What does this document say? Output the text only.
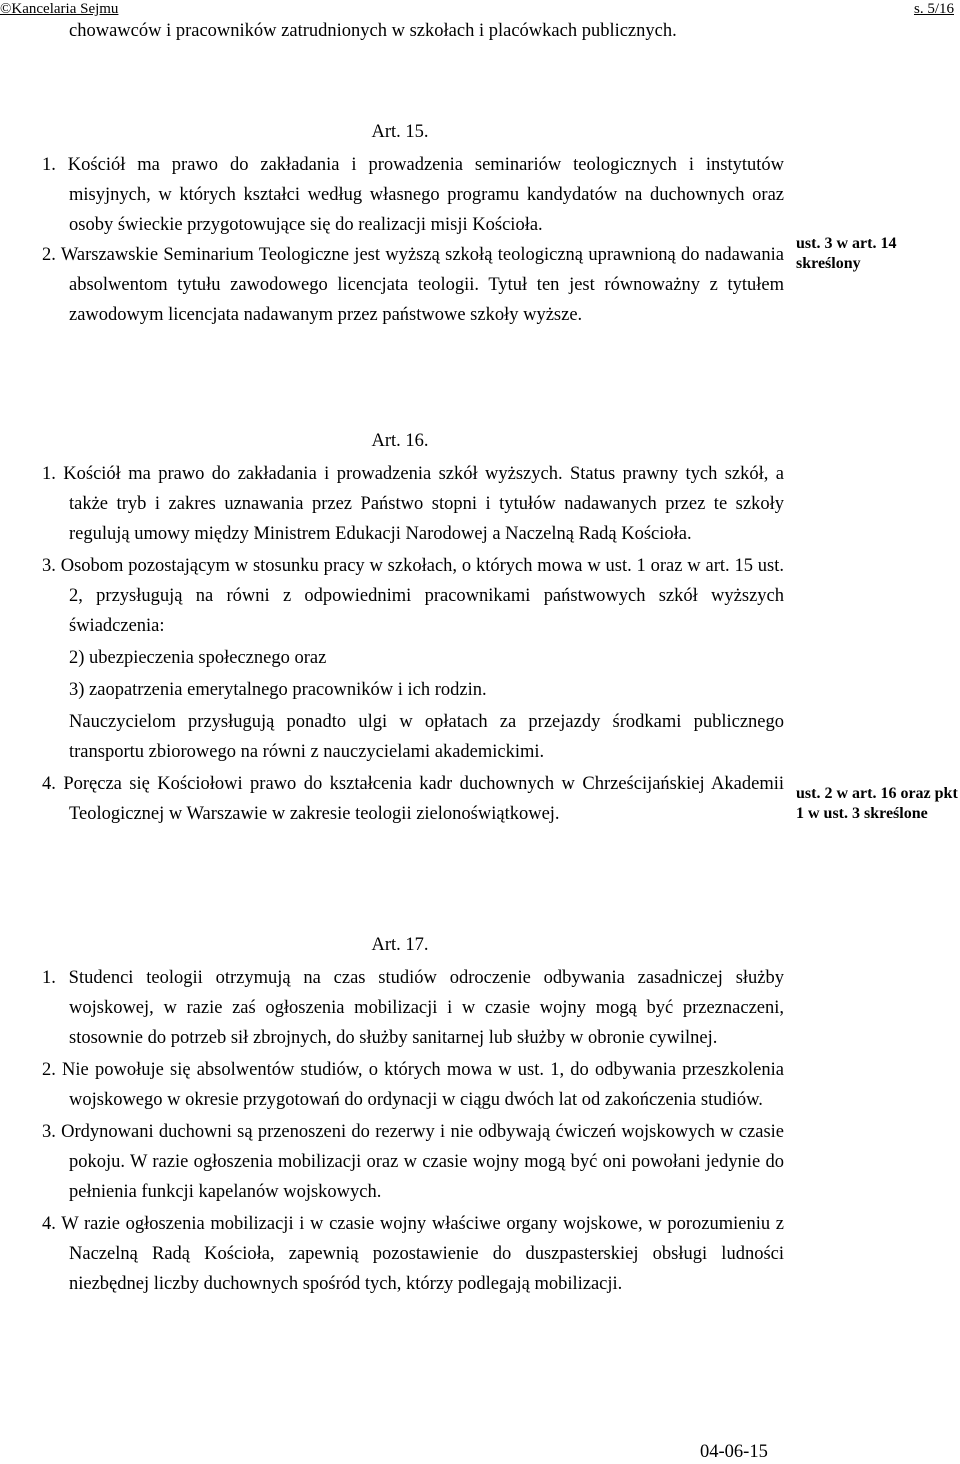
©Kancelaria Sejmu	s. 5/16

chowawców i pracowników zatrudnionych w szkołach i placówkach publicznych.

Art. 15.

1. Kościół ma prawo do zakładania i prowadzenia seminariów teologicznych i instytutów misyjnych, w których kształci według własnego programu kandydatów na duchownych oraz osoby świeckie przygotowujące się do realizacji misji Kościoła.

2. Warszawskie Seminarium Teologiczne jest wyższą szkołą teologiczną uprawnioną do nadawania absolwentom tytułu zawodowego licencjata teologii. Tytuł ten jest równoważny z tytułem zawodowym licencjata nadawanym przez państwowe szkoły wyższe.

ust. 3 w art. 14 skreślony
Art. 16.

1. Kościół ma prawo do zakładania i prowadzenia szkół wyższych. Status prawny tych szkół, a także tryb i zakres uznawania przez Państwo stopni i tytułów nadawanych przez te szkoły regulują umowy między Ministrem Edukacji Narodowej a Naczelną Radą Kościoła.

3. Osobom pozostającym w stosunku pracy w szkołach, o których mowa w ust. 1 oraz w art. 15 ust. 2, przysługują na równi z odpowiednimi pracownikami państwowych szkół wyższych świadczenia:

2) ubezpieczenia społecznego oraz

3) zaopatrzenia emerytalnego pracowników i ich rodzin.

Nauczycielom przysługują ponadto ulgi w opłatach za przejazdy środkami publicznego transportu zbiorowego na równi z nauczycielami akademickimi.

4. Poręcza się Kościołowi prawo do kształcenia kadr duchownych w Chrześcijańskiej Akademii Teologicznej w Warszawie w zakresie teologii zielonoświątkowej.

ust. 2 w art. 16 oraz pkt 1 w ust. 3 skreślone
Art. 17.

1. Studenci teologii otrzymują na czas studiów odroczenie odbywania zasadniczej służby wojskowej, w razie zaś ogłoszenia mobilizacji i w czasie wojny mogą być przeznaczeni, stosownie do potrzeb sił zbrojnych, do służby sanitarnej lub służby w obronie cywilnej.

2. Nie powołuje się absolwentów studiów, o których mowa w ust. 1, do odbywania przeszkolenia wojskowego w okresie przygotowań do ordynacji w ciągu dwóch lat od zakończenia studiów.

3. Ordynowani duchowni są przenoszeni do rezerwy i nie odbywają ćwiczeń wojskowych w czasie pokoju. W razie ogłoszenia mobilizacji oraz w czasie wojny mogą być oni powołani jedynie do pełnienia funkcji kapelanów wojskowych.

4. W razie ogłoszenia mobilizacji i w czasie wojny właściwe organy wojskowe, w porozumieniu z Naczelną Radą Kościoła, zapewnią pozostawienie do duszpasterskiej obsługi ludności niezbędnej liczby duchownych spośród tych, którzy podlegają mobilizacji.

04-06-15
